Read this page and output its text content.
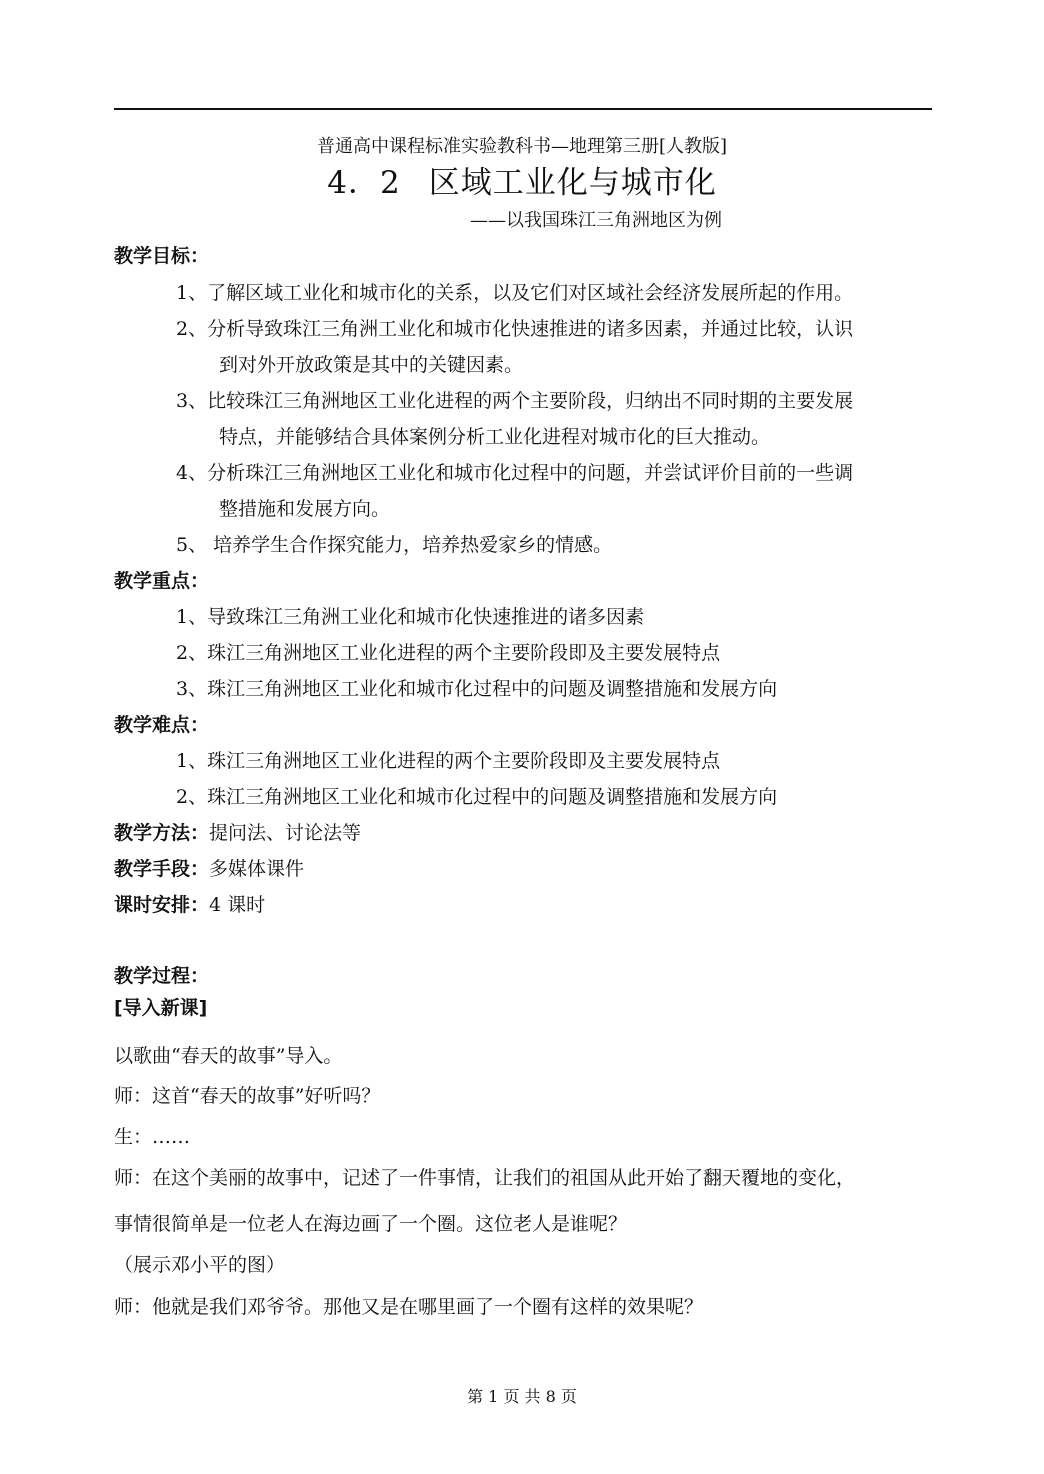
普通高中课程标准实验教科书—地理第三册[人教版]
4．2 区域工业化与城市化
——以我国珠江三角洲地区为例
教学目标：
1、了解区域工业化和城市化的关系，以及它们对区域社会经济发展所起的作用。
2、分析导致珠江三角洲工业化和城市化快速推进的诸多因素，并通过比较，认识
到对外开放政策是其中的关键因素。
3、比较珠江三角洲地区工业化进程的两个主要阶段，归纳出不同时期的主要发展
特点，并能够结合具体案例分析工业化进程对城市化的巨大推动。
4、分析珠江三角洲地区工业化和城市化过程中的问题，并尝试评价目前的一些调
整措施和发展方向。
5、 培养学生合作探究能力，培养热爱家乡的情感。
教学重点：
1、导致珠江三角洲工业化和城市化快速推进的诸多因素
2、珠江三角洲地区工业化进程的两个主要阶段即及主要发展特点
3、珠江三角洲地区工业化和城市化过程中的问题及调整措施和发展方向
教学难点：
1、珠江三角洲地区工业化进程的两个主要阶段即及主要发展特点
2、珠江三角洲地区工业化和城市化过程中的问题及调整措施和发展方向
教学方法：提问法、讨论法等
教学手段：多媒体课件
课时安排：4 课时
教学过程：
[导入新课]
以歌曲“春天的故事”导入。
师：这首“春天的故事”好听吗？
生：……
师：在这个美丽的故事中，记述了一件事情，让我们的祖国从此开始了翻天覆地的变化，
事情很简单是一位老人在海边画了一个圈。这位老人是谁呢？
（展示邓小平的图）
师：他就是我们邓爷爷。那他又是在哪里画了一个圈有这样的效果呢？
第 1 页 共 8 页
